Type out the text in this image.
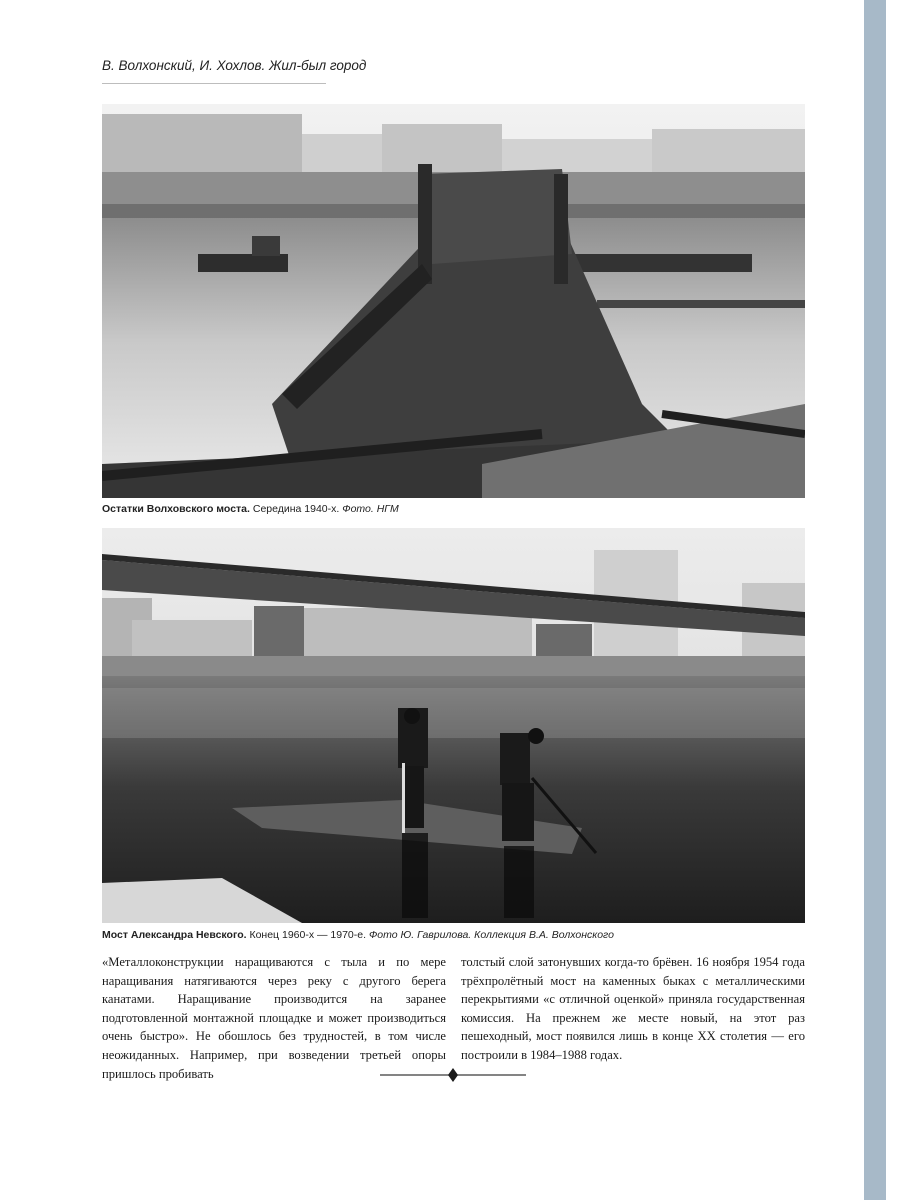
В. Волхонский, И. Хохлов. Жил-был город
Остатки Волховского моста. Середина 1940-х. Фото. НГМ
Мост Александра Невского. Конец 1960-х — 1970-е. Фото Ю. Гаврилова. Коллекция В.А. Волхонского
«Металлоконструкции наращиваются с тыла и по мере наращивания натягиваются через реку с другого берега канатами. Наращивание производится на заранее подготовленной монтажной площадке и может производиться очень быстро». Не обошлось без трудностей, в том числе неожиданных. Например, при возведении третьей опоры пришлось пробивать
толстый слой затонувших когда-то брёвен. 16 ноября 1954 года трёхпролётный мост на каменных быках с металлическими перекрытиями «с отличной оценкой» приняла государственная комиссия. На прежнем же месте новый, на этот раз пешеходный, мост появился лишь в конце XX столетия — его построили в 1984–1988 годах.
